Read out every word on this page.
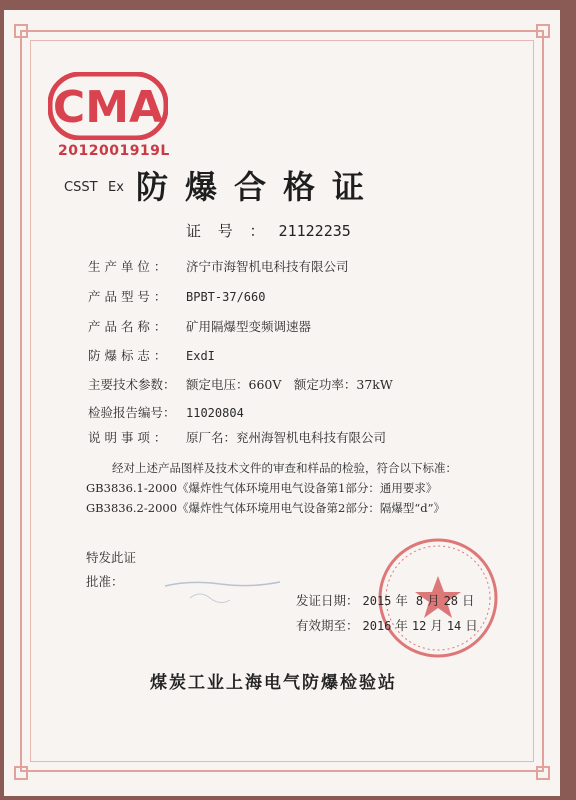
CMA
2012001919L
CSST Ex 防爆合格证
证 号 ： 21122235
生 产 单 位 ： 济宁市海智机电科技有限公司
产 品 型 号 ： BPBT-37/660
产 品 名 称 ： 矿用隔爆型变频调速器
防 爆 标 志 ： ExdI
主要技术参数： 额定电压：660V　额定功率：37kW
检验报告编号： 11020804
说 明 事 项 ： 原厂名：兖州海智机电科技有限公司
经对上述产品图样及技术文件的审查和样品的检验，符合以下标准：
GB3836.1-2000《爆炸性气体环境用电气设备第1部分：通用要求》
GB3836.2-2000《爆炸性气体环境用电气设备第2部分：隔爆型“d”》
特发此证
批准：
发证日期： 2015 年 8 月 28 日
有效期至： 2016 年 12 月 14 日
煤炭工业上海电气防爆检验站
